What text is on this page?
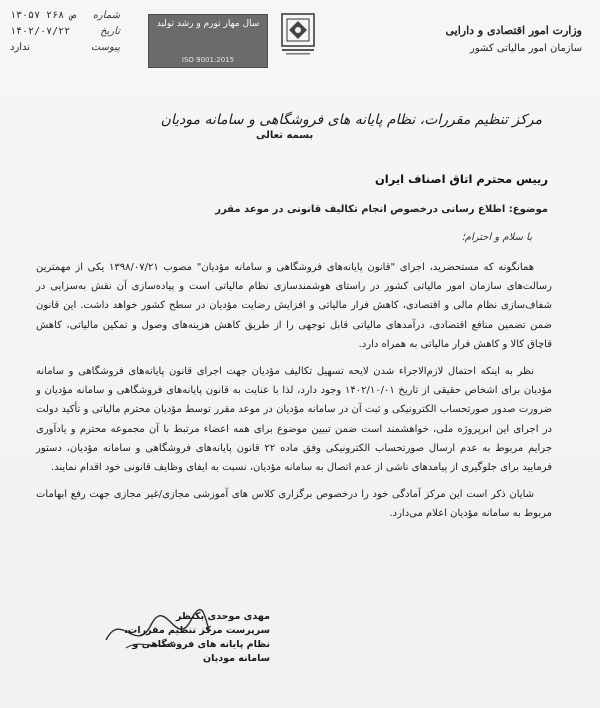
شماره
۱۳۰۵۷ ۲۶۸ ص
تاریخ
۱۴۰۲/۰۷/۲۲
پیوست
ندارد
سال مهار تورم و رشد تولید
ISO 9001:2015
وزارت امور اقتصادی و دارایی
سازمان امور مالیاتی کشور
مرکز تنظیم مقررات، نظام پایانه های فروشگاهی و سامانه مودیان
بسمه تعالی
رییس محترم اتاق اصناف ایران
موضوع: اطلاع رسانی درخصوص انجام تکالیف قانونی در موعد مقرر
با سلام و احترام؛

همانگونه که مستحضرید، اجرای "قانون پایانه‌های فروشگاهی و سامانه مؤدیان" مصوب ۱۳۹۸/۰۷/۲۱ یکی از مهمترین رسالت‌های سازمان امور مالیاتی کشور در راستای هوشمندسازی نظام مالیاتی است و پیاده‌سازی آن نقش به‌سزایی در شفاف‌سازی نظام مالی و اقتصادی، کاهش فرار مالیاتی و افزایش رضایت مؤدیان در سطح کشور خواهد داشت. این قانون ضمن تضمین منافع اقتصادی، درآمدهای مالیاتی قابل توجهی را از طریق کاهش هزینه‌های وصول و تمکین مالیاتی، کاهش قاچاق کالا و کاهش فرار مالیاتی به همراه دارد.

نظر به اینکه احتمال لازم‌الاجراء شدن لایحه تسهیل تکالیف مؤدیان جهت اجرای قانون پایانه‌های فروشگاهی و سامانه مؤدیان برای اشخاص حقیقی از تاریخ ۱۴۰۲/۱۰/۰۱ وجود دارد، لذا با عنایت به قانون پایانه‌های فروشگاهی و سامانه مؤدیان و ضرورت صدور صورتحساب الکترونیکی و ثبت آن در سامانه مؤدیان در موعد مقرر توسط مؤدیان محترم مالیاتی و تأکید دولت در اجرای این ابرپروژه ملی، خواهشمند است ضمن تبیین موضوع برای همه اعضاء مرتبط با آن مجموعه محترم و یادآوری جرایم مربوط به عدم ارسال صورتحساب الکترونیکی وفق ماده ۲۲ قانون پایانه‌های فروشگاهی و سامانه مؤدیان، دستور فرمایید برای جلوگیری از پیامدهای ناشی از عدم اتصال به سامانه مؤدیان، نسبت به ایفای وظایف قانونی خود اقدام نمایند.

شایان ذکر است این مرکز آمادگی خود را درخصوص برگزاری کلاس های آموزشی مجازی/غیر مجازی جهت رفع ابهامات مربوط به سامانه مؤدیان اعلام می‌دارد.

مهدی موحدی بکنظر
سرپرست مرکز تنظیم مقررات،
نظام پایانه های فروشگاهی و سامانه مودیان
